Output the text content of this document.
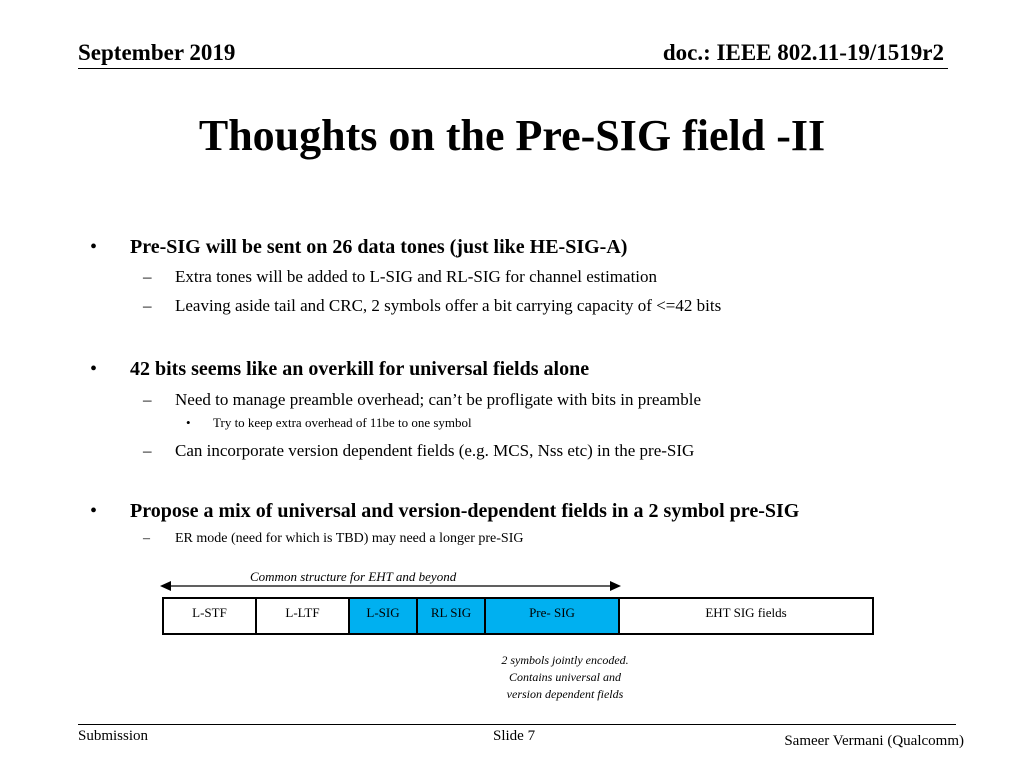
September 2019	doc.: IEEE 802.11-19/1519r2
Thoughts on the Pre-SIG field -II
• Pre-SIG will be sent on 26 data tones (just like HE-SIG-A)
– Extra tones will be added to L-SIG and RL-SIG for channel estimation
– Leaving aside tail and CRC, 2 symbols offer a bit carrying capacity of <=42 bits
• 42 bits seems like an overkill for universal fields alone
– Need to manage preamble overhead; can’t be profligate with bits in preamble
• Try to keep extra overhead of 11be to one symbol
– Can incorporate version dependent fields (e.g. MCS, Nss etc) in the pre-SIG
• Propose a mix of universal and version-dependent fields in a 2 symbol pre-SIG
– ER mode (need for which is TBD) may need a longer pre-SIG
Common structure for EHT and beyond
L-STF	L-LTF	L-SIG	RL SIG	Pre- SIG	EHT SIG fields
2 symbols jointly encoded.
Contains universal and
version dependent fields
Submission	Slide 7	Sameer Vermani (Qualcomm)
